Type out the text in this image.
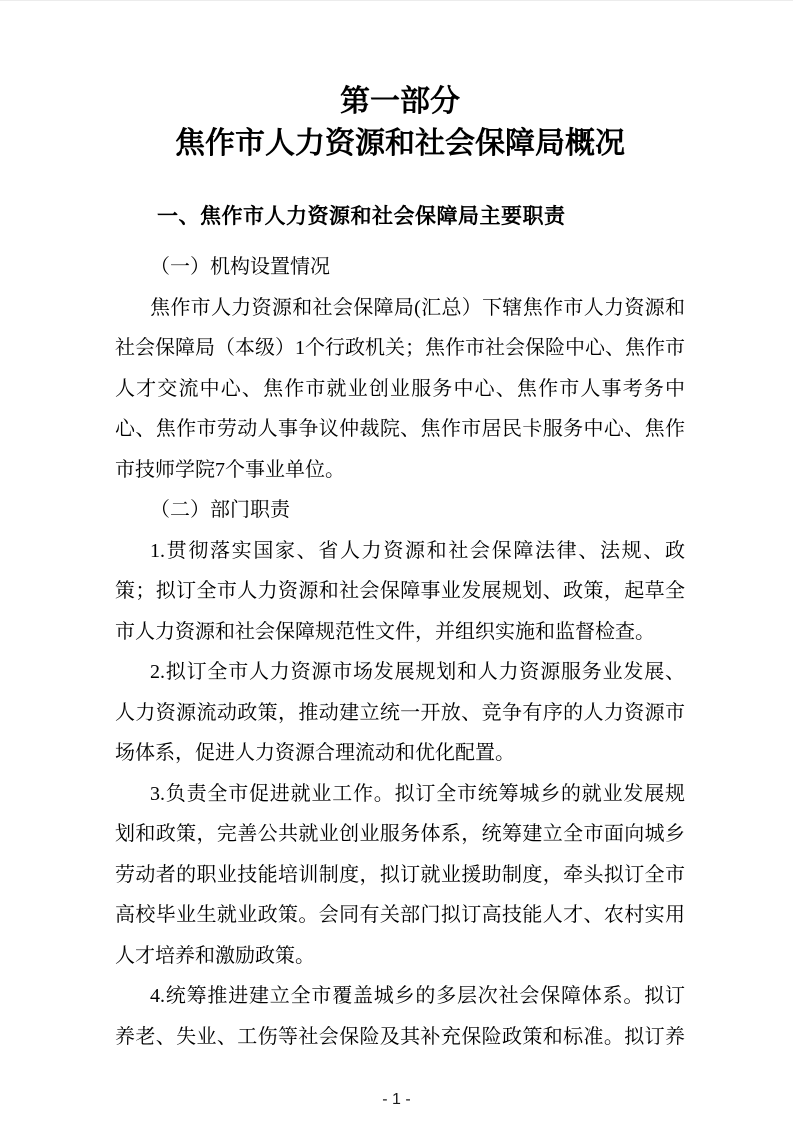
第一部分
焦作市人力资源和社会保障局概况
一、焦作市人力资源和社会保障局主要职责
（一）机构设置情况
焦作市人力资源和社会保障局(汇总）下辖焦作市人力资源和
社会保障局（本级）1个行政机关；焦作市社会保险中心、焦作市
人才交流中心、焦作市就业创业服务中心、焦作市人事考务中
心、焦作市劳动人事争议仲裁院、焦作市居民卡服务中心、焦作
市技师学院7个事业单位。
（二）部门职责
1.贯彻落实国家、省人力资源和社会保障法律、法规、政
策；拟订全市人力资源和社会保障事业发展规划、政策，起草全
市人力资源和社会保障规范性文件，并组织实施和监督检查。
2.拟订全市人力资源市场发展规划和人力资源服务业发展、
人力资源流动政策，推动建立统一开放、竞争有序的人力资源市
场体系，促进人力资源合理流动和优化配置。
3.负责全市促进就业工作。拟订全市统筹城乡的就业发展规
划和政策，完善公共就业创业服务体系，统筹建立全市面向城乡
劳动者的职业技能培训制度，拟订就业援助制度，牵头拟订全市
高校毕业生就业政策。会同有关部门拟订高技能人才、农村实用
人才培养和激励政策。
4.统筹推进建立全市覆盖城乡的多层次社会保障体系。拟订
养老、失业、工伤等社会保险及其补充保险政策和标准。拟订养
- 1 -
